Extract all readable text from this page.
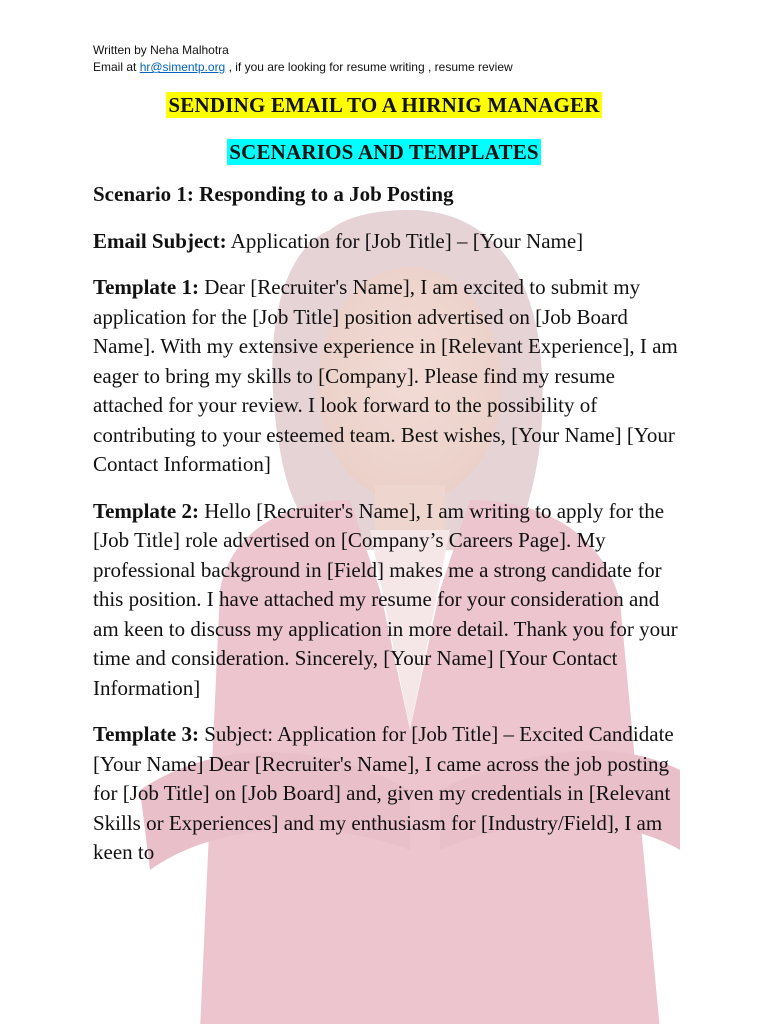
Written by Neha Malhotra
Email at hr@simentp.org , if you are looking for resume writing , resume review
SENDING EMAIL TO A HIRNIG MANAGER
SCENARIOS AND TEMPLATES

Scenario 1: Responding to a Job Posting

Email Subject: Application for [Job Title] – [Your Name]

Template 1: Dear [Recruiter's Name], I am excited to submit my application for the [Job Title] position advertised on [Job Board Name]. With my extensive experience in [Relevant Experience], I am eager to bring my skills to [Company]. Please find my resume attached for your review. I look forward to the possibility of contributing to your esteemed team. Best wishes, [Your Name] [Your Contact Information]

Template 2: Hello [Recruiter's Name], I am writing to apply for the [Job Title] role advertised on [Company’s Careers Page]. My professional background in [Field] makes me a strong candidate for this position. I have attached my resume for your consideration and am keen to discuss my application in more detail. Thank you for your time and consideration. Sincerely, [Your Name] [Your Contact Information]

Template 3: Subject: Application for [Job Title] – Excited Candidate [Your Name] Dear [Recruiter's Name], I came across the job posting for [Job Title] on [Job Board] and, given my credentials in [Relevant Skills or Experiences] and my enthusiasm for [Industry/Field], I am keen to
